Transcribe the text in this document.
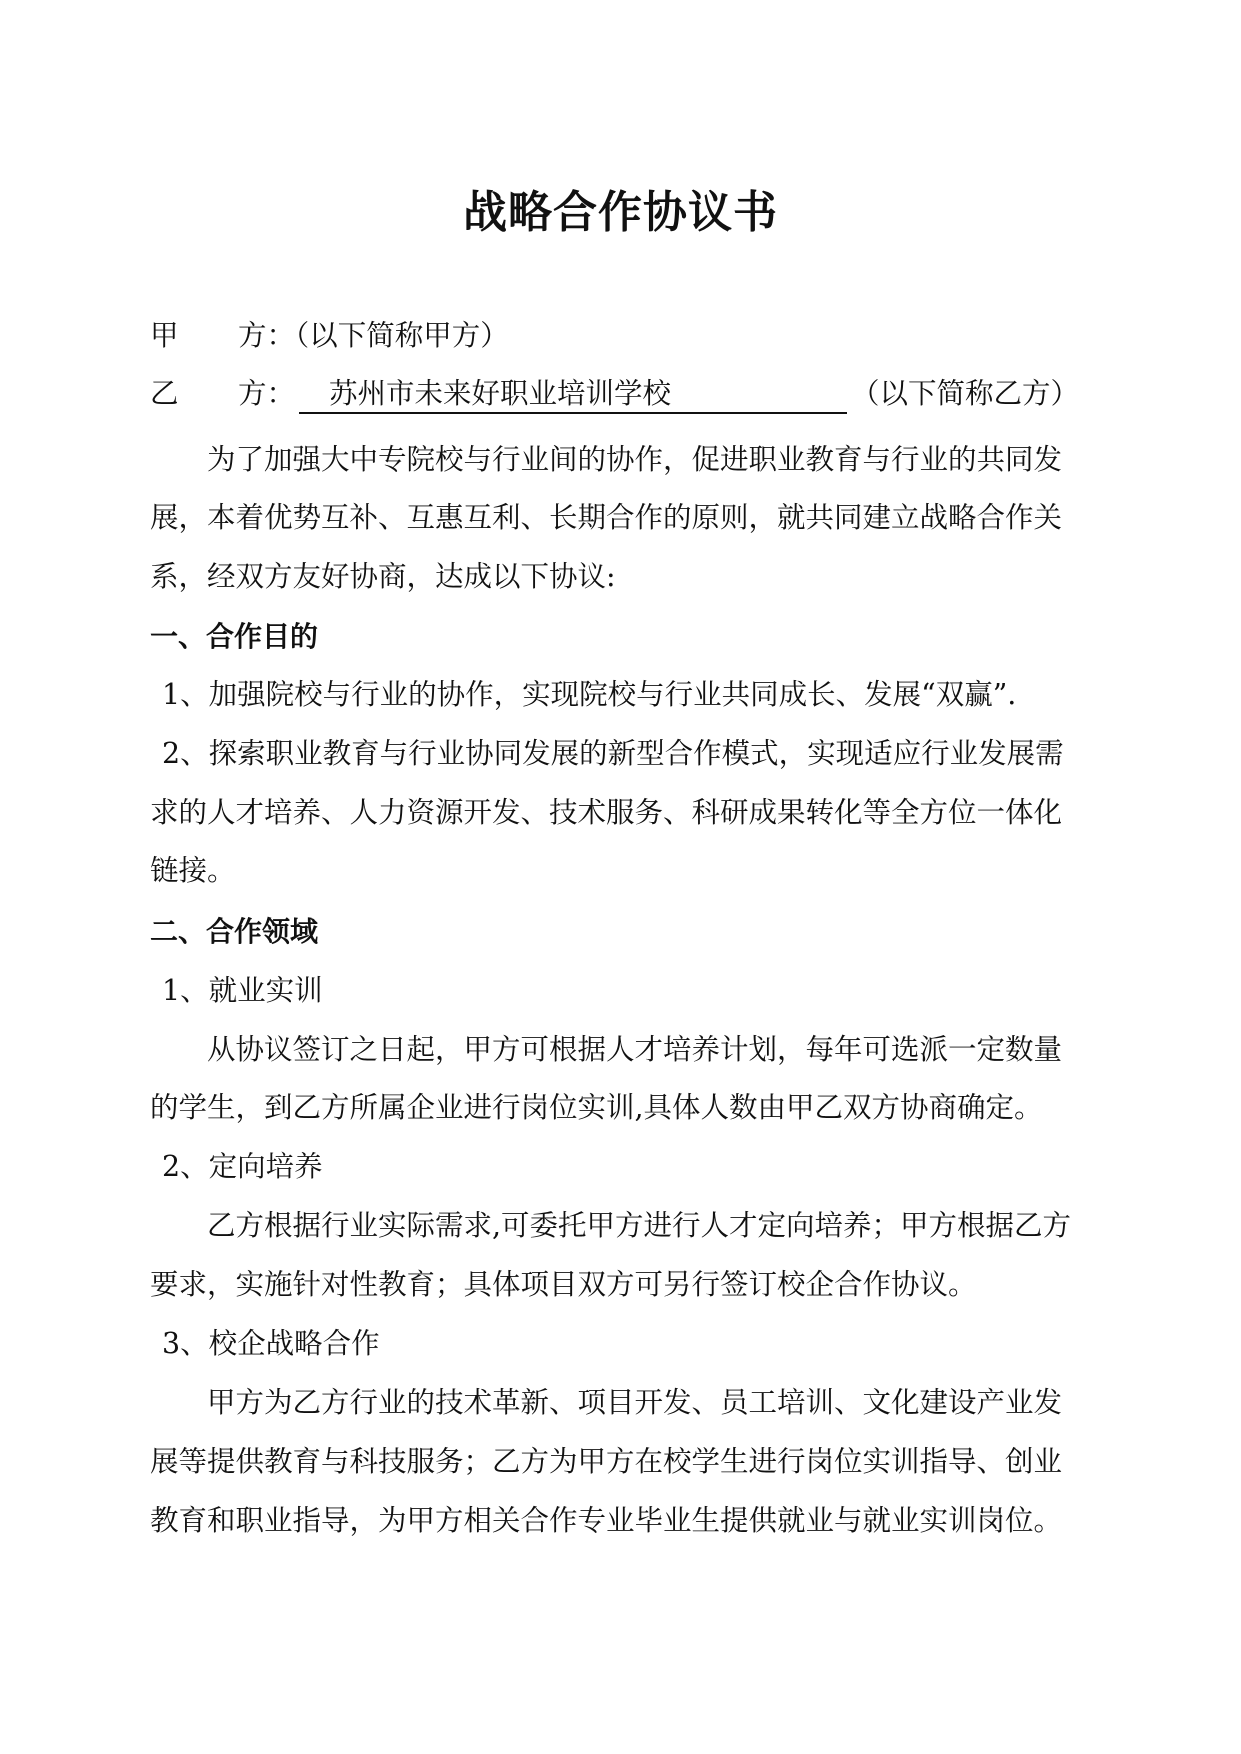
战略合作协议书
甲 方：（以下简称甲方）
乙 方： 苏州市未来好职业培训学校	（以下简称乙方）
为了加强大中专院校与行业间的协作，促进职业教育与行业的共同发
展，本着优势互补、互惠互利、长期合作的原则，就共同建立战略合作关
系，经双方友好协商，达成以下协议:
一、合作目的
1、加强院校与行业的协作，实现院校与行业共同成长、发展“双赢”.
2、探索职业教育与行业协同发展的新型合作模式，实现适应行业发展需
求的人才培养、人力资源开发、技术服务、科研成果转化等全方位一体化
链接。
二、合作领域
1、就业实训
从协议签订之日起，甲方可根据人才培养计划，每年可选派一定数量
的学生，到乙方所属企业进行岗位实训,具体人数由甲乙双方协商确定。
2、定向培养
乙方根据行业实际需求,可委托甲方进行人才定向培养；甲方根据乙方
要求，实施针对性教育；具体项目双方可另行签订校企合作协议。
3、校企战略合作
甲方为乙方行业的技术革新、项目开发、员工培训、文化建设产业发
展等提供教育与科技服务；乙方为甲方在校学生进行岗位实训指导、创业
教育和职业指导，为甲方相关合作专业毕业生提供就业与就业实训岗位。
